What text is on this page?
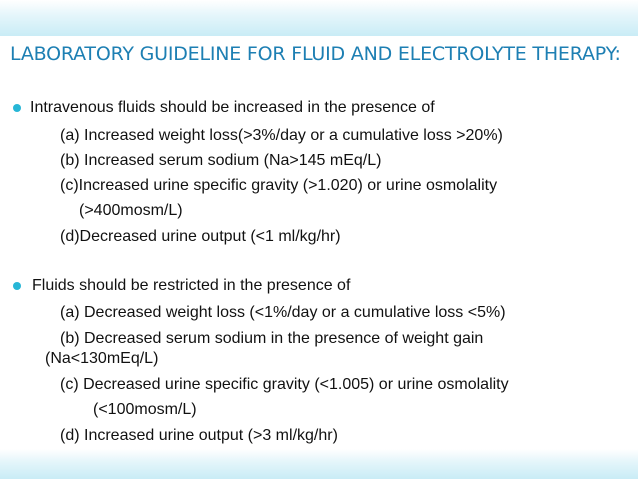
LABORATORY GUIDELINE FOR FLUID AND ELECTROLYTE THERAPY:
Intravenous fluids should be increased in the presence of
(a) Increased weight loss(>3%/day or a cumulative loss >20%)
(b) Increased serum sodium (Na>145 mEq/L)
(c)Increased urine specific gravity (>1.020) or urine osmolality
(>400mosm/L)
(d)Decreased urine output (<1 ml/kg/hr)
Fluids should be restricted in the presence of
(a) Decreased weight loss (<1%/day or a cumulative loss <5%)
(b) Decreased serum sodium in the presence of weight gain
(Na<130mEq/L)
(c) Decreased urine specific gravity (<1.005) or urine osmolality
(<100mosm/L)
(d) Increased urine output (>3 ml/kg/hr)
